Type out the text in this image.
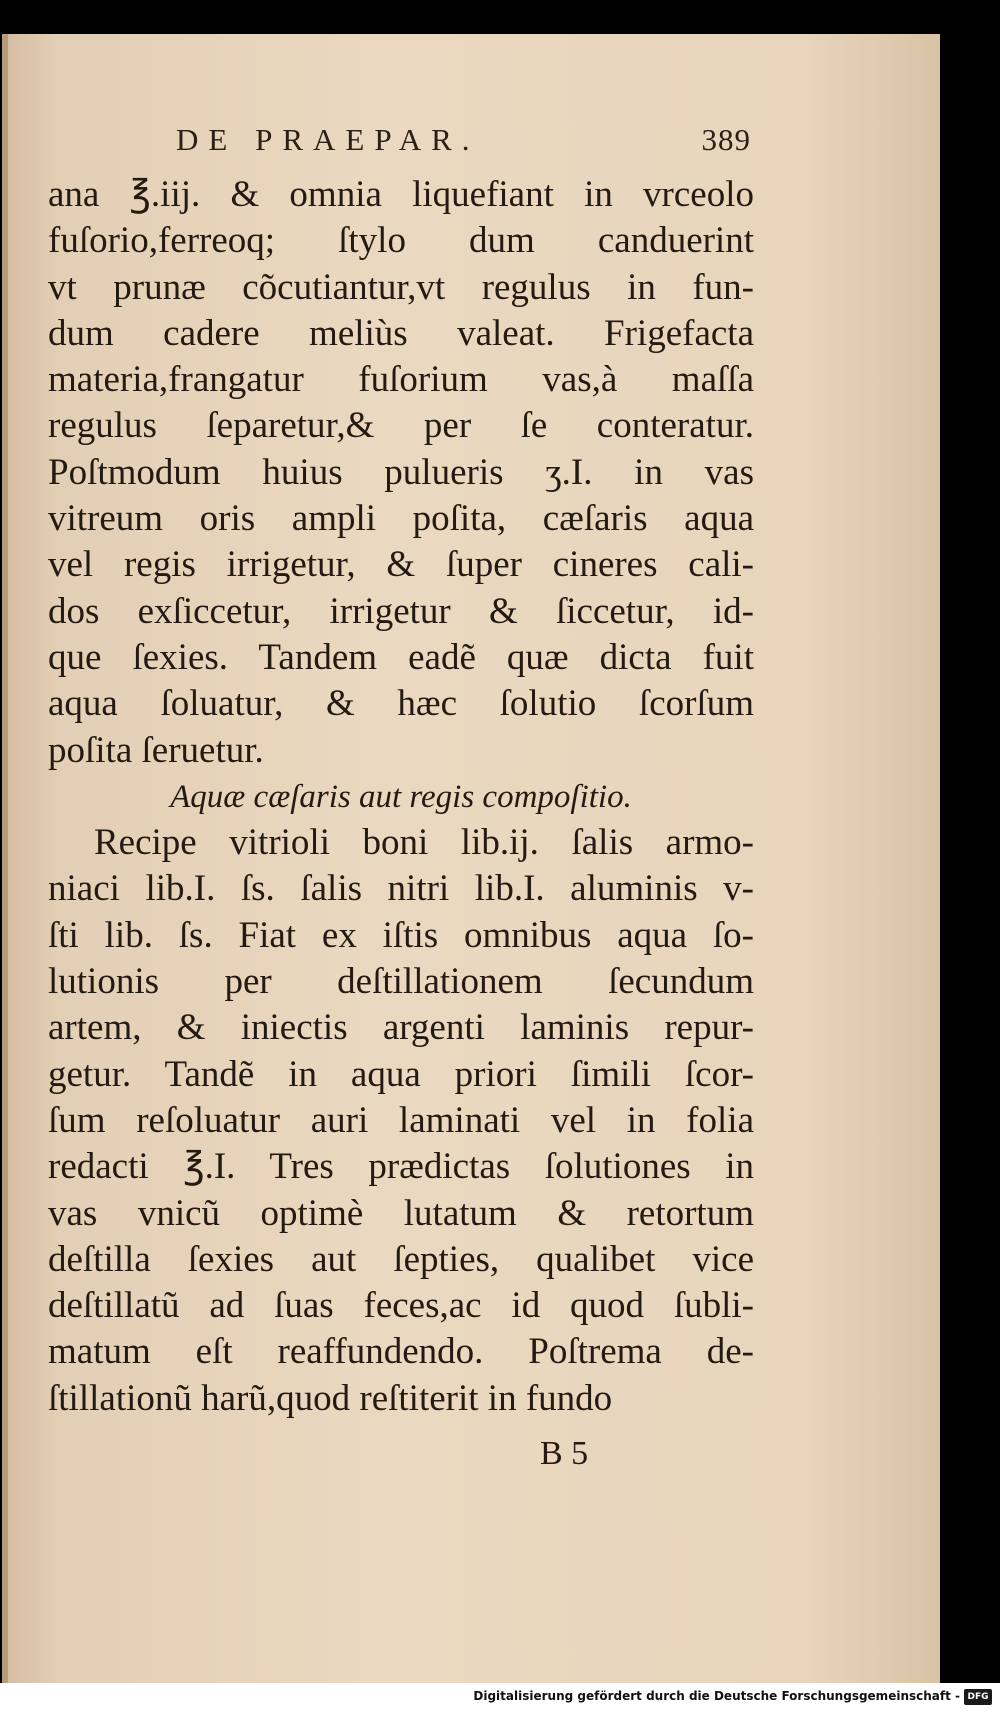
DE PRAEPAR.	389
ana ℥.iij. & omnia liquefiant in vrceolo
fuſorio,ferreoq; ſtylo dum canduerint
vt prunæ cõcutiantur,vt regulus in fun-
dum cadere meliùs valeat. Frigefacta
materia,frangatur fuſorium vas,à maſſa
regulus ſeparetur,& per ſe conteratur.
Poſtmodum huius pulueris ʒ.I. in vas
vitreum oris ampli poſita, cæſaris aqua
vel regis irrigetur, & ſuper cineres cali-
dos exſiccetur, irrigetur & ſiccetur, id-
que ſexies. Tandem eadẽ quæ dicta fuit
aqua ſoluatur, & hæc ſolutio ſcorſum
poſita ſeruetur.
Aquæ cæſaris aut regis compoſitio.
Recipe vitrioli boni lib.ij. ſalis armo-
niaci lib.I. ſs. ſalis nitri lib.I. aluminis v-
ſti lib. ſs. Fiat ex iſtis omnibus aqua ſo-
lutionis per deſtillationem ſecundum
artem, & iniectis argenti laminis repur-
getur. Tandẽ in aqua priori ſimili ſcor-
ſum reſoluatur auri laminati vel in folia
redacti ℥.I. Tres prædictas ſolutiones in
vas vnicũ optimè lutatum & retortum
deſtilla ſexies aut ſepties, qualibet vice
deſtillatũ ad ſuas feces,ac id quod ſubli-
matum eſt reaffundendo. Poſtrema de-
ſtillationũ harũ,quod reſtiterit in fundo
B 5
Digitalisierung gefördert durch die Deutsche Forschungsgemeinschaft - DFG
